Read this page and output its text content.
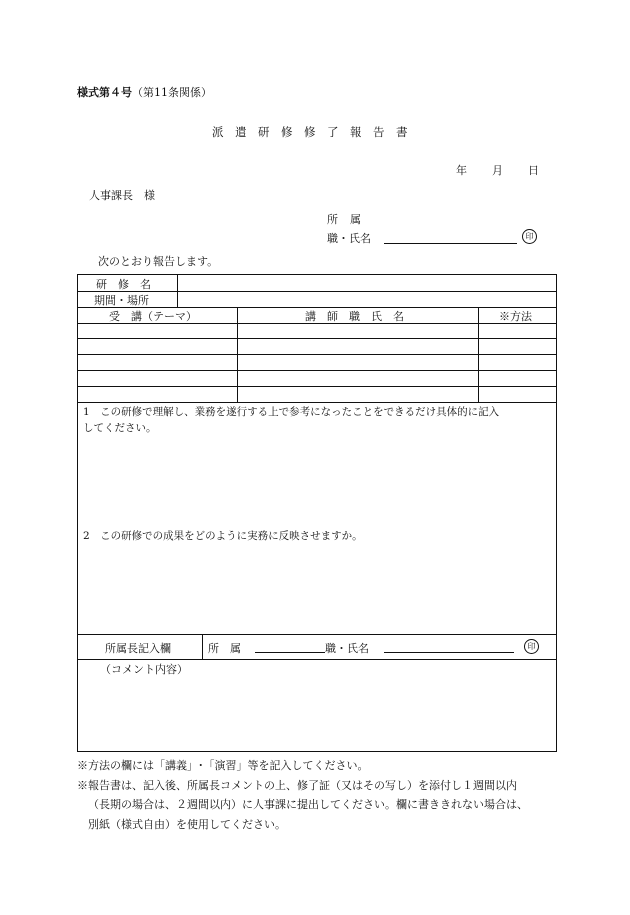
様式第４号（第11条関係）
派遣研修修了報告書
年 月 日
人事課長　様
所属
職・氏名	印
次のとおり報告します。
研　修　名
期間・場所
受　講（テーマ）	講　師　職　氏　名	※方法
1　この研修で理解し、業務を遂行する上で参考になったことをできるだけ具体的に記入
してください。
2　この研修での成果をどのように実務に反映させますか。
所属長記入欄	所　属	職・氏名	印
（コメント内容）
※方法の欄には「講義」･「演習」等を記入してください。
※報告書は、記入後、所属長コメントの上、修了証（又はその写し）を添付し１週間以内
（長期の場合は、２週間以内）に人事課に提出してください。欄に書ききれない場合は、
別紙（様式自由）を使用してください。
